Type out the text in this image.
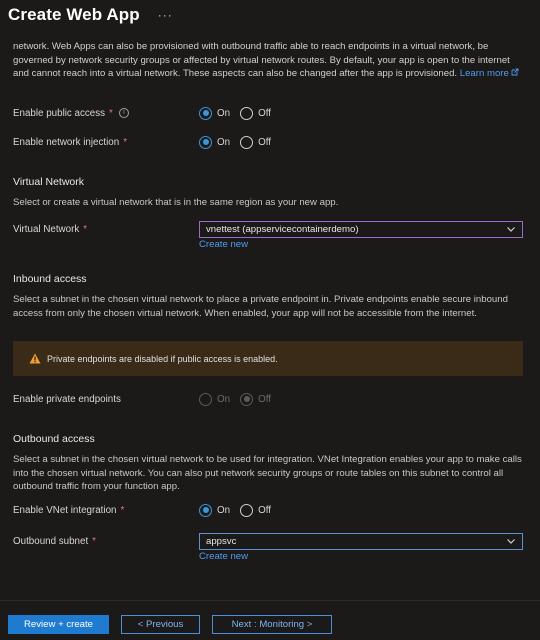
Create Web App ···

network. Web Apps can also be provisioned with outbound traffic able to reach endpoints in a virtual network, be governed by network security groups or affected by virtual network routes. By default, your app is open to the internet and cannot reach into a virtual network. These aspects can also be changed after the app is provisioned. Learn more

Enable public access *	i	On	Off
Enable network injection *	On	Off
Virtual Network
Select or create a virtual network that is in the same region as your new app.
Virtual Network *	vnettest (appservicecontainerdemo)
Create new
Inbound access
Select a subnet in the chosen virtual network to place a private endpoint in. Private endpoints enable secure inbound access from only the chosen virtual network. When enabled, your app will not be accessible from the internet.
Private endpoints are disabled if public access is enabled.
Enable private endpoints	On	Off
Outbound access
Select a subnet in the chosen virtual network to be used for integration. VNet Integration enables your app to make calls into the chosen virtual network. You can also put network security groups or route tables on this subnet to control all outbound traffic from your function app.
Enable VNet integration *	On	Off
Outbound subnet *	appsvc
Create new
Review + create	< Previous	Next : Monitoring >
